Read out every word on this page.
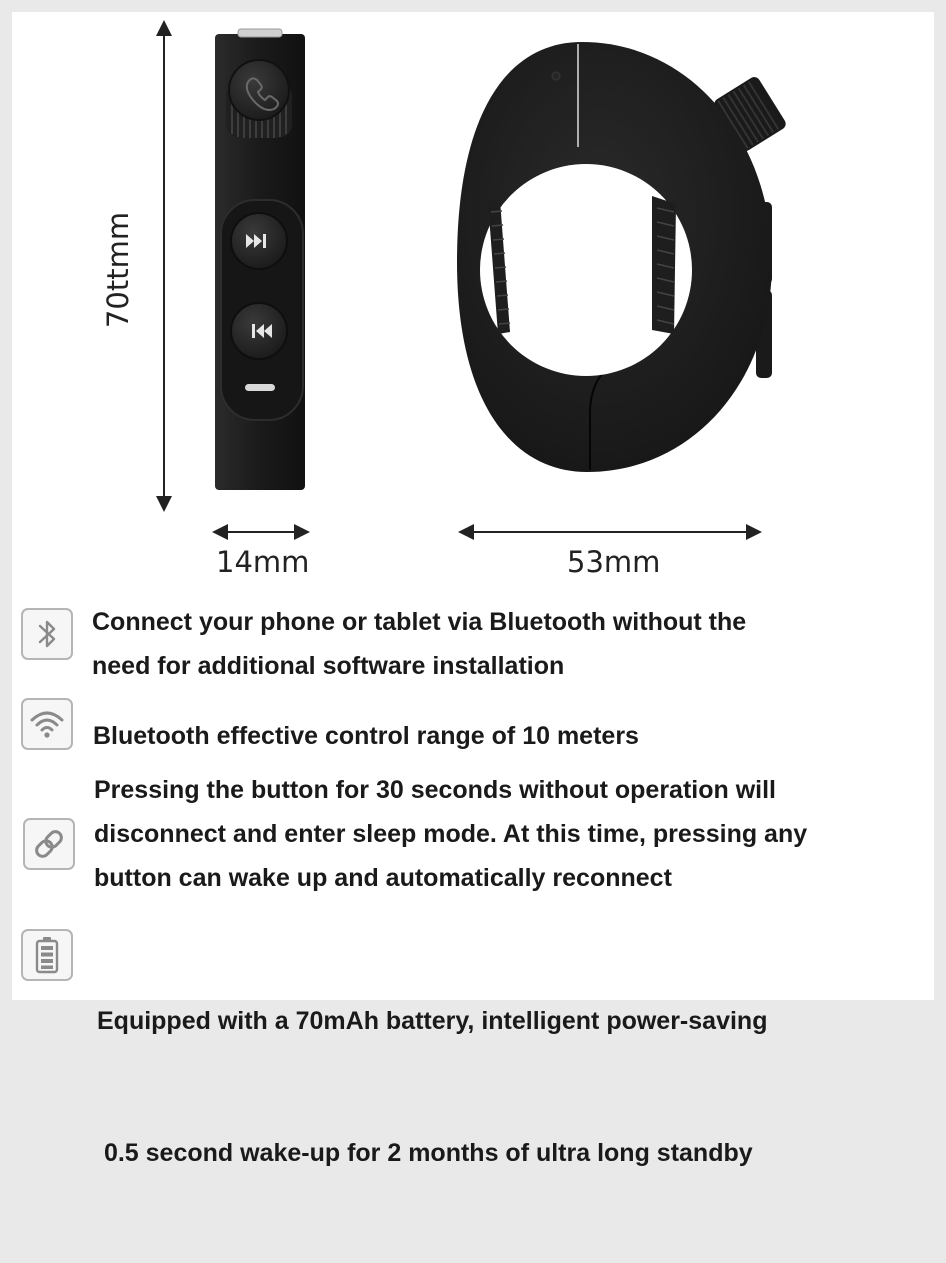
70ttmm
14mm	53mm
Connect your phone or tablet via Bluetooth without the
need for additional software installation
Bluetooth effective control range of 10 meters
Pressing the button for 30 seconds without operation will
disconnect and enter sleep mode. At this time, pressing any
button can wake up and automatically reconnect

Equipped with a 70mAh battery, intelligent power-saving

0.5 second wake-up for 2 months of ultra long standby
